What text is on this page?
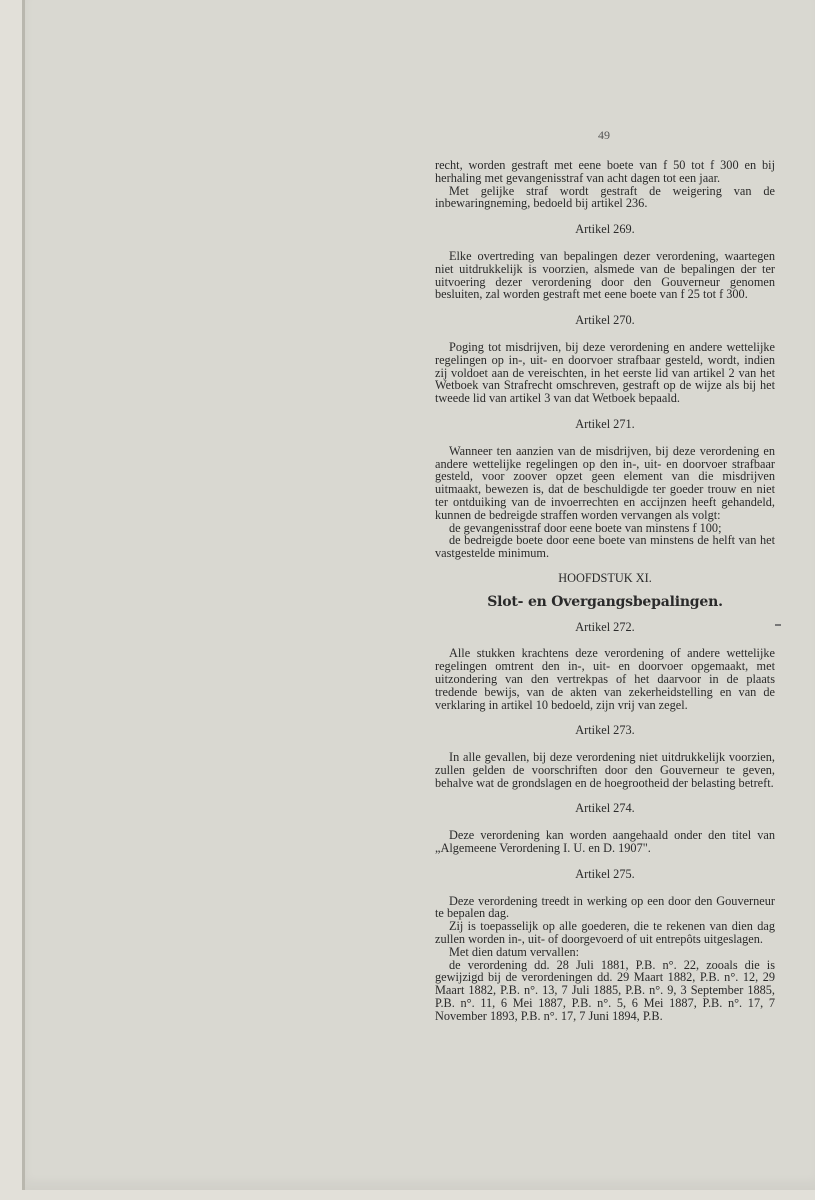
49

recht, worden gestraft met eene boete van f 50 tot f 300 en bij herhaling met gevangenisstraf van acht dagen tot een jaar.

Met gelijke straf wordt gestraft de weigering van de inbewaringneming, bedoeld bij artikel 236.

Artikel 269.

Elke overtreding van bepalingen dezer verordening, waartegen niet uitdrukkelijk is voorzien, alsmede van de bepalingen der ter uitvoering dezer verordening door den Gouverneur genomen besluiten, zal worden gestraft met eene boete van f 25 tot f 300.

Artikel 270.

Poging tot misdrijven, bij deze verordening en andere wettelijke regelingen op in-, uit- en doorvoer strafbaar gesteld, wordt, indien zij voldoet aan de vereischten, in het eerste lid van artikel 2 van het Wetboek van Strafrecht omschreven, gestraft op de wijze als bij het tweede lid van artikel 3 van dat Wetboek bepaald.

Artikel 271.

Wanneer ten aanzien van de misdrijven, bij deze verordening en andere wettelijke regelingen op den in-, uit- en doorvoer strafbaar gesteld, voor zoover opzet geen element van die misdrijven uitmaakt, bewezen is, dat de beschuldigde ter goeder trouw en niet ter ontduiking van de invoerrechten en accijnzen heeft gehandeld, kunnen de bedreigde straffen worden vervangen als volgt:

de gevangenisstraf door eene boete van minstens f 100;

de bedreigde boete door eene boete van minstens de helft van het vastgestelde minimum.

HOOFDSTUK XI.

Slot- en Overgangsbepalingen.

Artikel 272.

Alle stukken krachtens deze verordening of andere wettelijke regelingen omtrent den in-, uit- en doorvoer opgemaakt, met uitzondering van den vertrekpas of het daarvoor in de plaats tredende bewijs, van de akten van zekerheidstelling en van de verklaring in artikel 10 bedoeld, zijn vrij van zegel.

Artikel 273.

In alle gevallen, bij deze verordening niet uitdrukkelijk voorzien, zullen gelden de voorschriften door den Gouverneur te geven, behalve wat de grondslagen en de hoegrootheid der belasting betreft.

Artikel 274.

Deze verordening kan worden aangehaald onder den titel van „Algemeene Verordening I. U. en D. 1907".

Artikel 275.

Deze verordening treedt in werking op een door den Gouverneur te bepalen dag.

Zij is toepasselijk op alle goederen, die te rekenen van dien dag zullen worden in-, uit- of doorgevoerd of uit entrepôts uitgeslagen.

Met dien datum vervallen:

de verordening dd. 28 Juli 1881, P.B. n°. 22, zooals die is gewijzigd bij de verordeningen dd. 29 Maart 1882, P.B. n°. 12, 29 Maart 1882, P.B. n°. 13, 7 Juli 1885, P.B. n°. 9, 3 September 1885, P.B. n°. 11, 6 Mei 1887, P.B. n°. 5, 6 Mei 1887, P.B. n°. 17, 7 November 1893, P.B. n°. 17, 7 Juni 1894, P.B.
